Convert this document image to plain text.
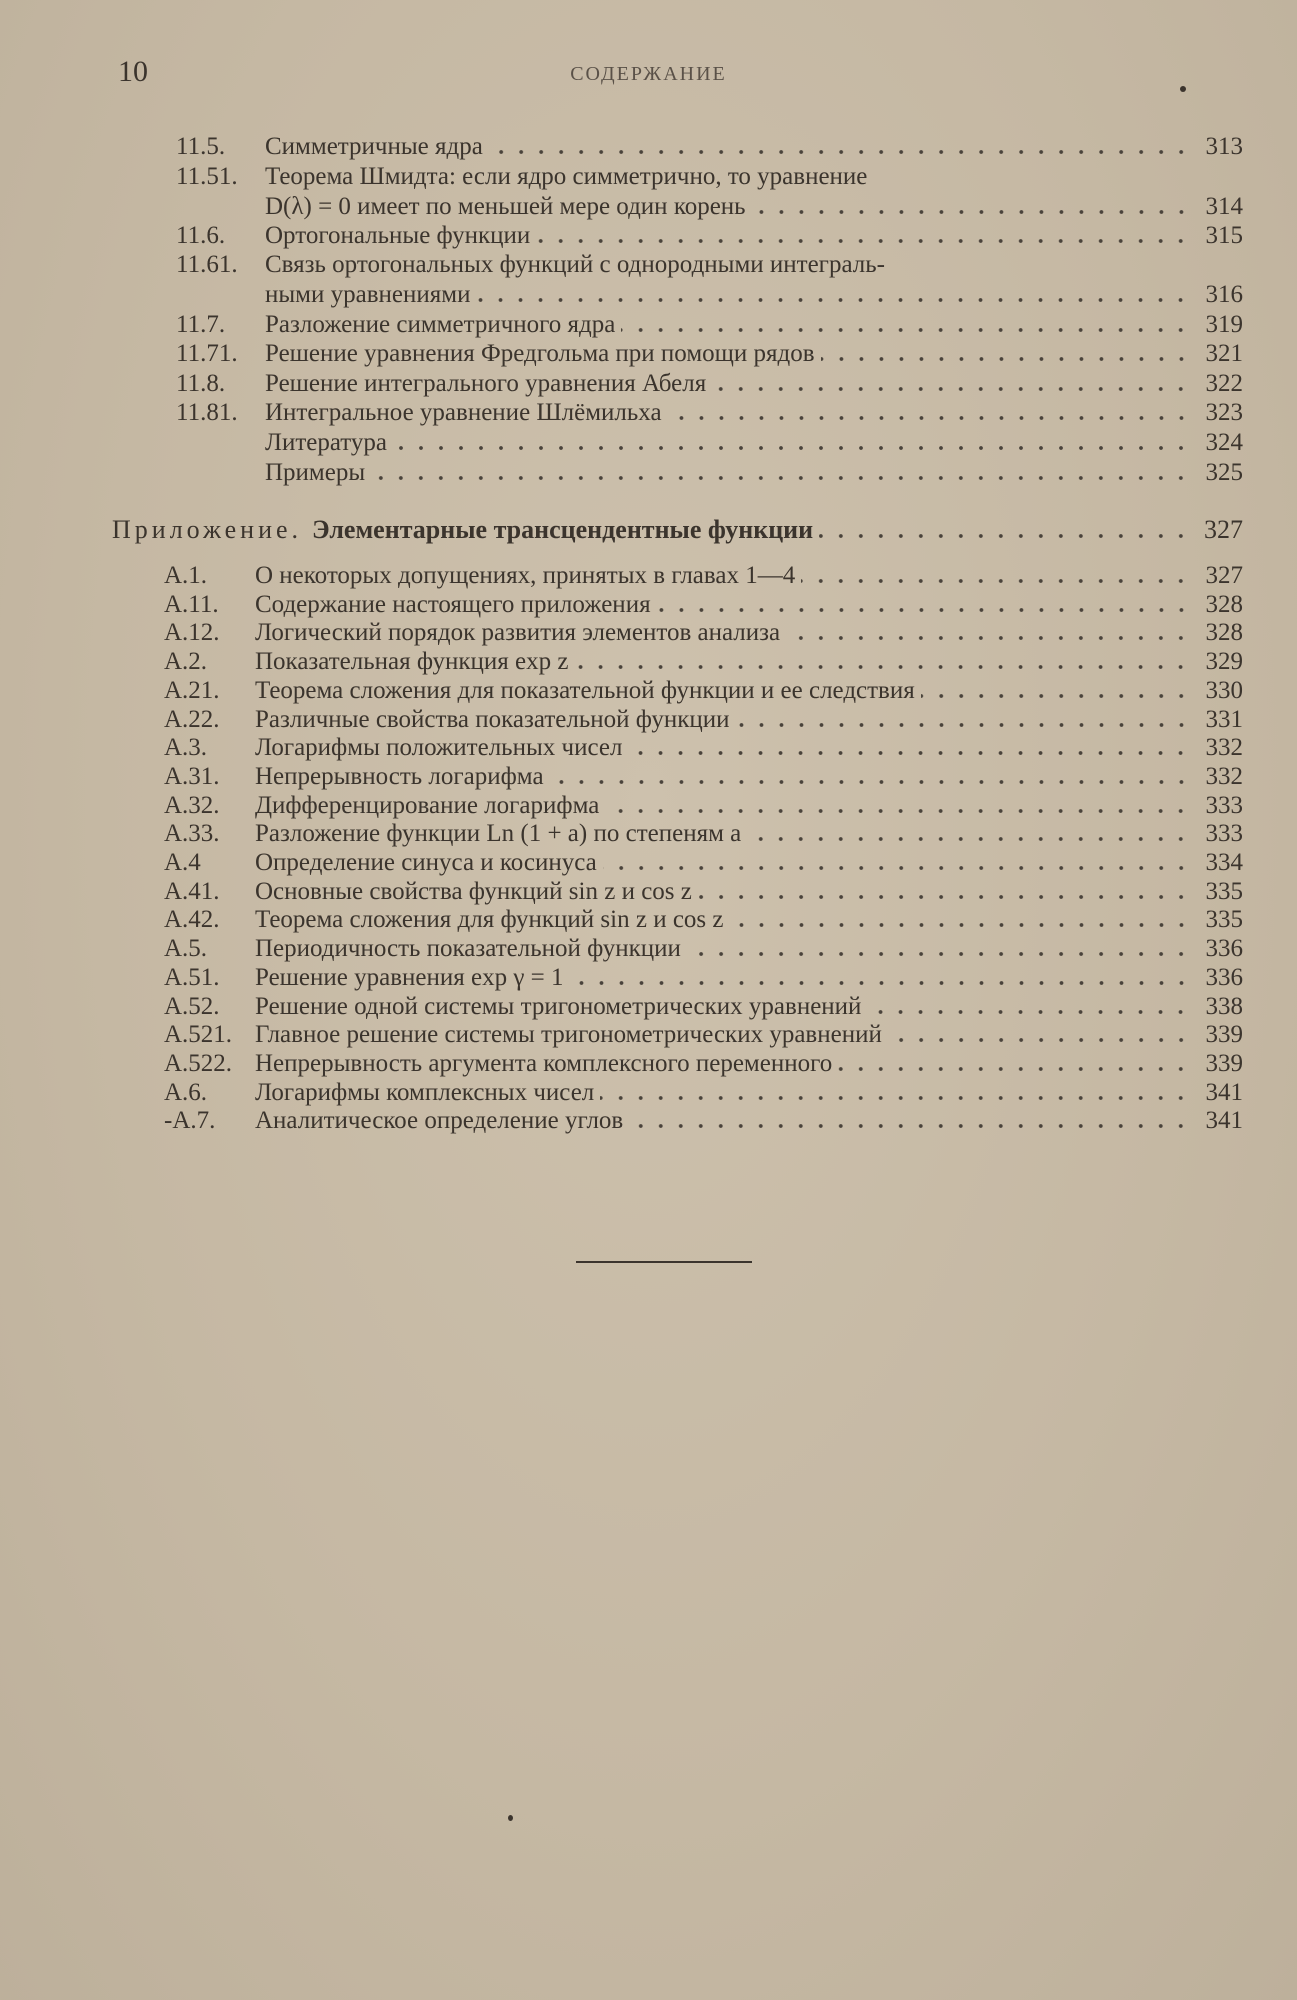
10	СОДЕРЖАНИЕ
11.5.	Симметричные ядра	313
11.51.	Теорема Шмидта: если ядро симметрично, то уравнение
D(λ) = 0 имеет по меньшей мере один корень	314
11.6.	Ортогональные функции	315
11.61.	Связь ортогональных функций с однородными интеграль-
ными уравнениями	316
11.7.	Разложение симметричного ядра	319
11.71.	Решение уравнения Фредгольма при помощи рядов	321
11.8.	Решение интегрального уравнения Абеля	322
11.81.	Интегральное уравнение Шлёмильха	323
Литература	324
Примеры	325
А.1.	О некоторых допущениях, принятых в главах 1—4	327
А.11.	Содержание настоящего приложения	328
А.12.	Логический порядок развития элементов анализа	328
А.2.	Показательная функция exp z	329
А.21.	Теорема сложения для показательной функции и ее следствия	330
А.22.	Различные свойства показательной функции	331
А.3.	Логарифмы положительных чисел	332
А.31.	Непрерывность логарифма	332
А.32.	Дифференцирование логарифма	333
А.33.	Разложение функции Ln (1 + a) по степеням a	333
А.4	Определение синуса и косинуса	334
А.41.	Основные свойства функций sin z и cos z	335
А.42.	Теорема сложения для функций sin z и cos z	335
А.5.	Периодичность показательной функции	336
А.51.	Решение уравнения exp γ = 1	336
А.52.	Решение одной системы тригонометрических уравнений	338
А.521. Главное решение системы тригонометрических уравнений	339
А.522. Непрерывность аргумента комплексного переменного	339
А.6.	Логарифмы комплексных чисел	341
-А.7.	Аналитическое определение углов	341
Приложение. Элементарные трансцендентные функции	327
